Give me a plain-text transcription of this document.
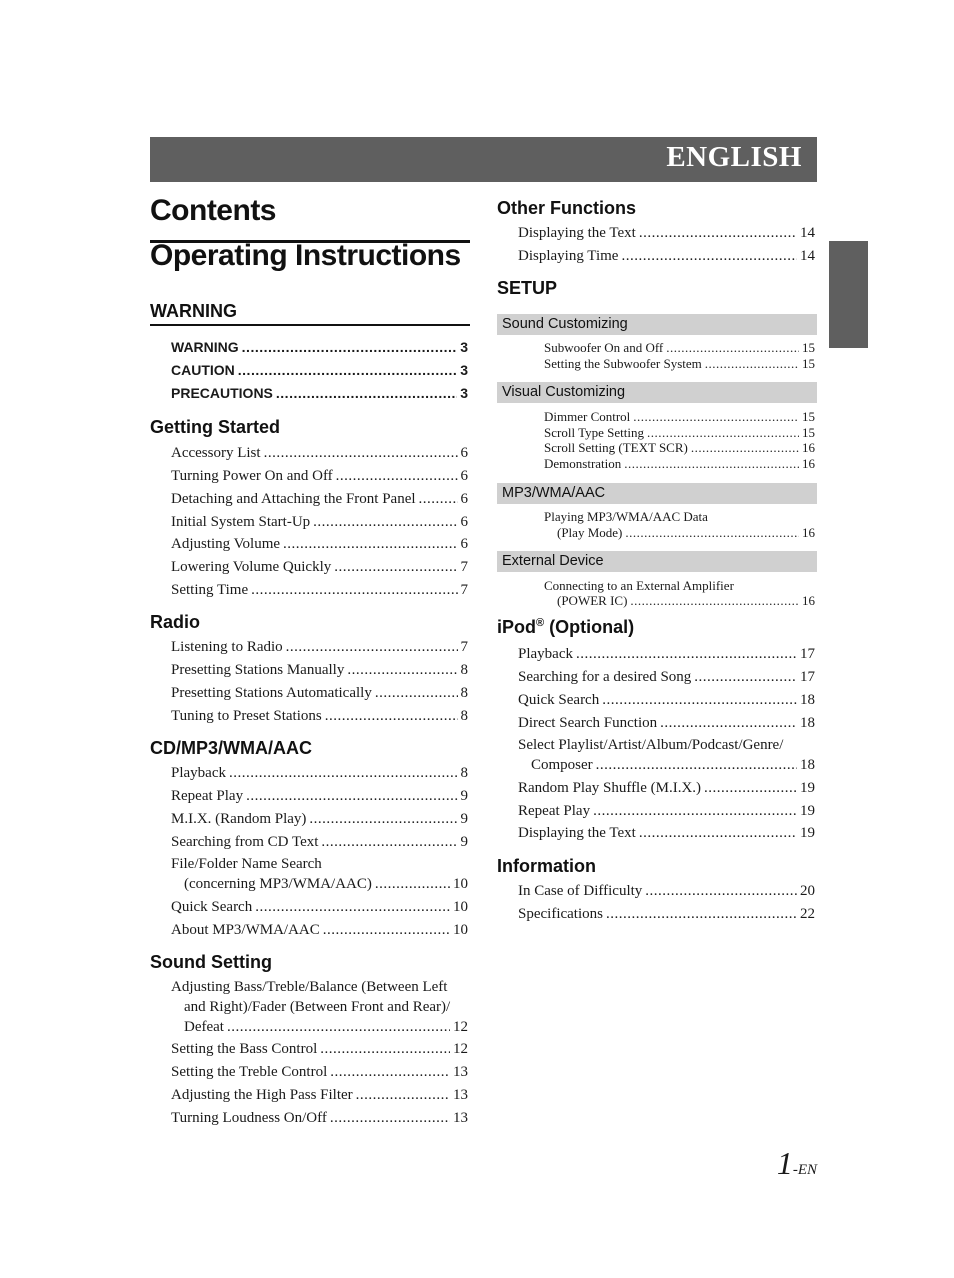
ENGLISH
Contents
Operating Instructions
WARNING
WARNING .....	3
CAUTION .....	3
PRECAUTIONS .....	3
Getting Started
Accessory List .....	6
Turning Power On and Off .....	6
Detaching and Attaching the Front Panel .....	6
Initial System Start-Up .....	6
Adjusting Volume .....	6
Lowering Volume Quickly .....	7
Setting Time .....	7
Radio
Listening to Radio .....	7
Presetting Stations Manually .....	8
Presetting Stations Automatically .....	8
Tuning to Preset Stations .....	8
CD/MP3/WMA/AAC
Playback .....	8
Repeat Play .....	9
M.I.X. (Random Play) .....	9
Searching from CD Text .....	9
File/Folder Name Search
(concerning MP3/WMA/AAC) .....	10
Quick Search .....	10
About MP3/WMA/AAC .....	10
Sound Setting
Adjusting Bass/Treble/Balance (Between Left
and Right)/Fader (Between Front and Rear)/
Defeat .....	12
Setting the Bass Control .....	12
Setting the Treble Control .....	13
Adjusting the High Pass Filter .....	13
Turning Loudness On/Off .....	13
Other Functions
Displaying the Text .....	14
Displaying Time .....	14
SETUP
Sound Customizing
Subwoofer On and Off .....	15
Setting the Subwoofer System .....	15
Visual Customizing
Dimmer Control .....	15
Scroll Type Setting .....	15
Scroll Setting (TEXT SCR) .....	16
Demonstration .....	16
MP3/WMA/AAC
Playing MP3/WMA/AAC Data
(Play Mode) .....	16
External Device
Connecting to an External Amplifier
(POWER IC) .....	16
iPod® (Optional)
Playback .....	17
Searching for a desired Song .....	17
Quick Search .....	18
Direct Search Function .....	18
Select Playlist/Artist/Album/Podcast/Genre/
Composer .....	18
Random Play Shuffle (M.I.X.) .....	19
Repeat Play .....	19
Displaying the Text .....	19
Information
In Case of Difficulty .....	20
Specifications .....	22
1-EN
